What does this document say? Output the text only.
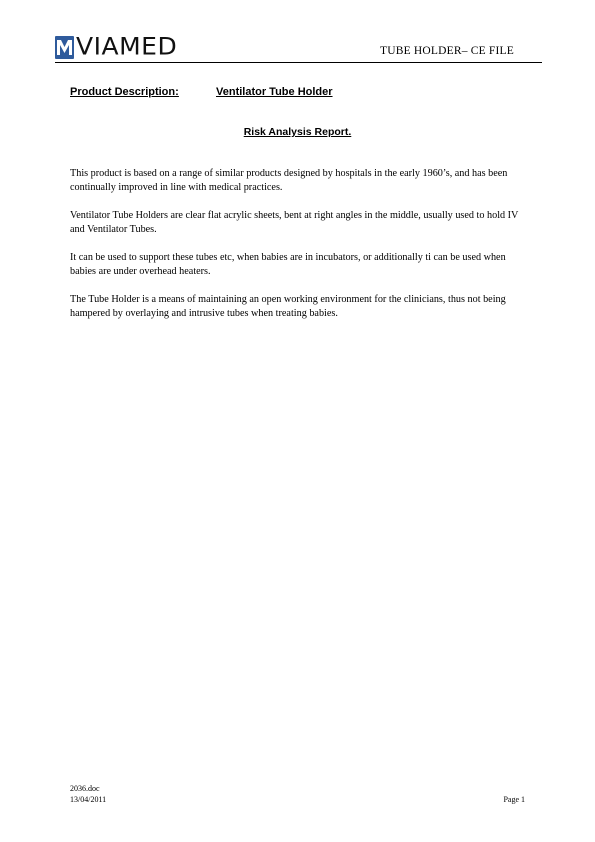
VIAMED	TUBE HOLDER– CE FILE
Product Description:	Ventilator Tube Holder
Risk Analysis Report.

This product is based on a range of similar products designed by hospitals in the early 1960’s, and has been continually improved in line with medical practices.

Ventilator Tube Holders are clear flat acrylic sheets, bent at right angles in the middle, usually used to hold IV and Ventilator Tubes.

It can be used to support these tubes etc, when babies are in incubators, or additionally ti can be used when babies are under overhead heaters.

The Tube Holder is a means of maintaining an open working environment for the clinicians, thus not being hampered by overlaying and intrusive tubes when treating babies.

2036.doc
13/04/2011	Page 1
